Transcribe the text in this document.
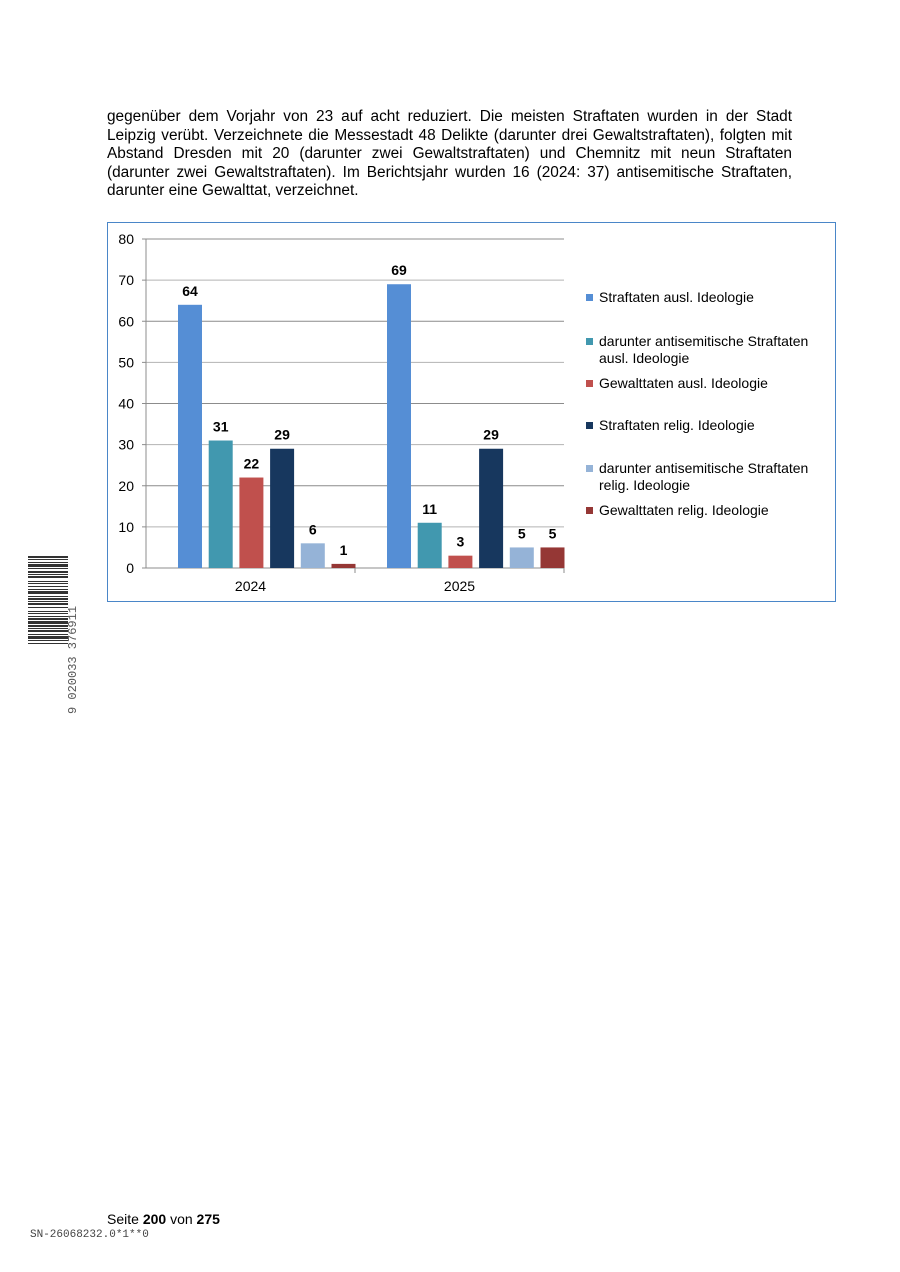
gegenüber dem Vorjahr von 23 auf acht reduziert. Die meisten Straftaten wurden in der Stadt Leipzig verübt. Verzeichnete die Messestadt 48 Delikte (darunter drei Gewaltstraftaten), folgten mit Abstand Dresden mit 20 (darunter zwei Gewaltstraftaten) und Chemnitz mit neun Straftaten (darunter zwei Gewaltstraftaten). Im Berichtsjahr wurden 16 (2024: 37) antisemitische Straftaten, darunter eine Gewalttat, verzeichnet.

0
10
20
30
40
50
60
70
80
64
31
22
29
6
1
2024
69
11
3
29
5 5
2025
Straftaten ausl. Ideologie
darunter antisemitische Straftaten ausl. Ideologie
Gewalttaten ausl. Ideologie
Straftaten relig. Ideologie
darunter antisemitische Straftaten relig. Ideologie
Gewalttaten relig. Ideologie
9 020033 376911
Seite 200 von 275
SN-26068232.0*1**0
